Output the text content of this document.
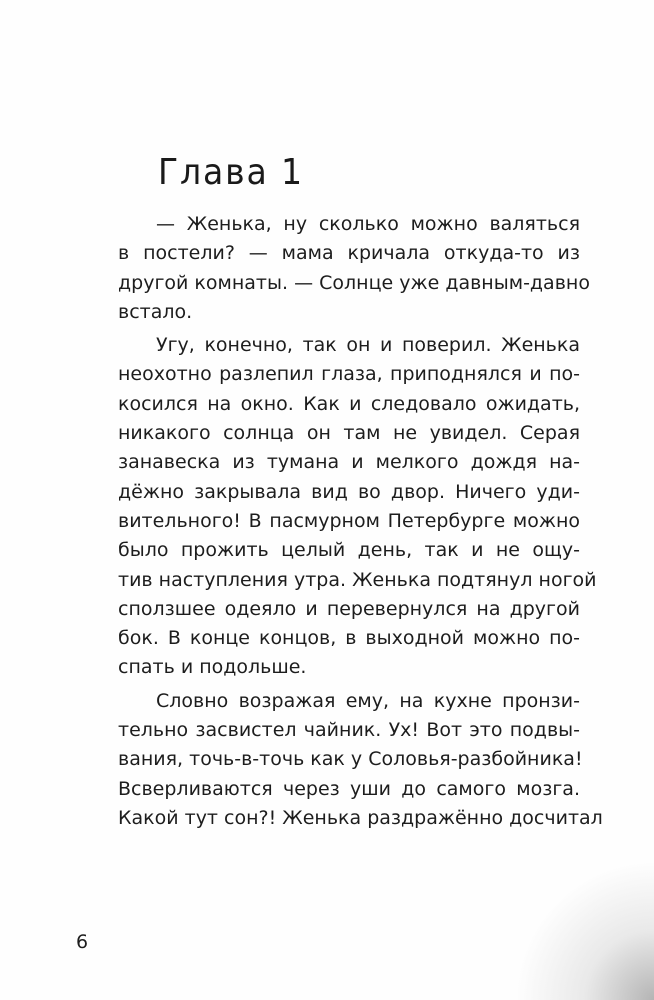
Глава 1
— Женька, ну сколько можно валяться
в постели? — мама кричала откуда-то из
другой комнаты. — Солнце уже давным-давно
встало.
Угу, конечно, так он и поверил. Женька
неохотно разлепил глаза, приподнялся и по-
косился на окно. Как и следовало ожидать,
никакого солнца он там не увидел. Серая
занавеска из тумана и мелкого дождя на-
дёжно закрывала вид во двор. Ничего уди-
вительного! В пасмурном Петербурге можно
было прожить целый день, так и не ощу-
тив наступления утра. Женька подтянул ногой
сползшее одеяло и перевернулся на другой
бок. В конце концов, в выходной можно по-
спать и подольше.
Словно возражая ему, на кухне пронзи-
тельно засвистел чайник. Ух! Вот это подвы-
вания, точь-в-точь как у Соловья-разбойника!
Всверливаются через уши до самого мозга.
Какой тут сон?! Женька раздражённо досчитал
6
